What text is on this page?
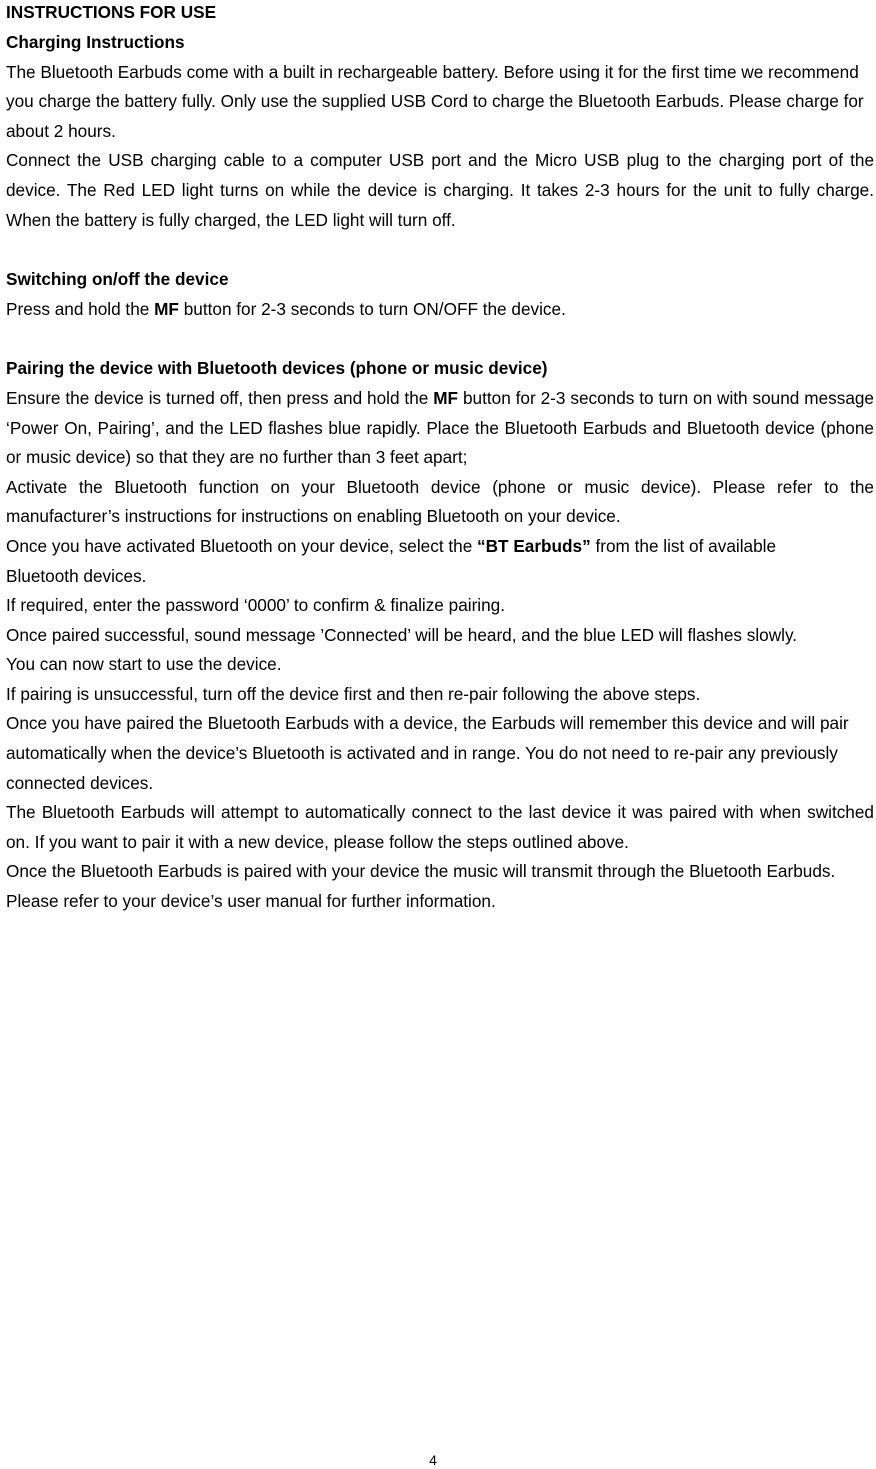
INSTRUCTIONS FOR USE

Charging Instructions

The Bluetooth Earbuds come with a built in rechargeable battery. Before using it for the first time we recommend you charge the battery fully. Only use the supplied USB Cord to charge the Bluetooth Earbuds. Please charge for about 2 hours.

Connect the USB charging cable to a computer USB port and the Micro USB plug to the charging port of the device. The Red LED light turns on while the device is charging. It takes 2-3 hours for the unit to fully charge. When the battery is fully charged, the LED light will turn off.

Switching on/off the device

Press and hold the MF button for 2-3 seconds to turn ON/OFF the device.

Pairing the device with Bluetooth devices (phone or music device)

Ensure the device is turned off, then press and hold the MF button for 2-3 seconds to turn on with sound message ‘Power On, Pairing’, and the LED flashes blue rapidly. Place the Bluetooth Earbuds and Bluetooth device (phone or music device) so that they are no further than 3 feet apart;

Activate the Bluetooth function on your Bluetooth device (phone or music device). Please refer to the manufacturer’s instructions for instructions on enabling Bluetooth on your device.

Once you have activated Bluetooth on your device, select the “BT Earbuds” from the list of available Bluetooth devices.

If required, enter the password ‘0000’ to confirm & finalize pairing.

Once paired successful, sound message ’Connected’ will be heard, and the blue LED will flashes slowly.

You can now start to use the device.

If pairing is unsuccessful, turn off the device first and then re-pair following the above steps.

Once you have paired the Bluetooth Earbuds with a device, the Earbuds will remember this device and will pair automatically when the device’s Bluetooth is activated and in range. You do not need to re-pair any previously connected devices.

The Bluetooth Earbuds will attempt to automatically connect to the last device it was paired with when switched on. If you want to pair it with a new device, please follow the steps outlined above.

Once the Bluetooth Earbuds is paired with your device the music will transmit through the Bluetooth Earbuds. Please refer to your device’s user manual for further information.

4
